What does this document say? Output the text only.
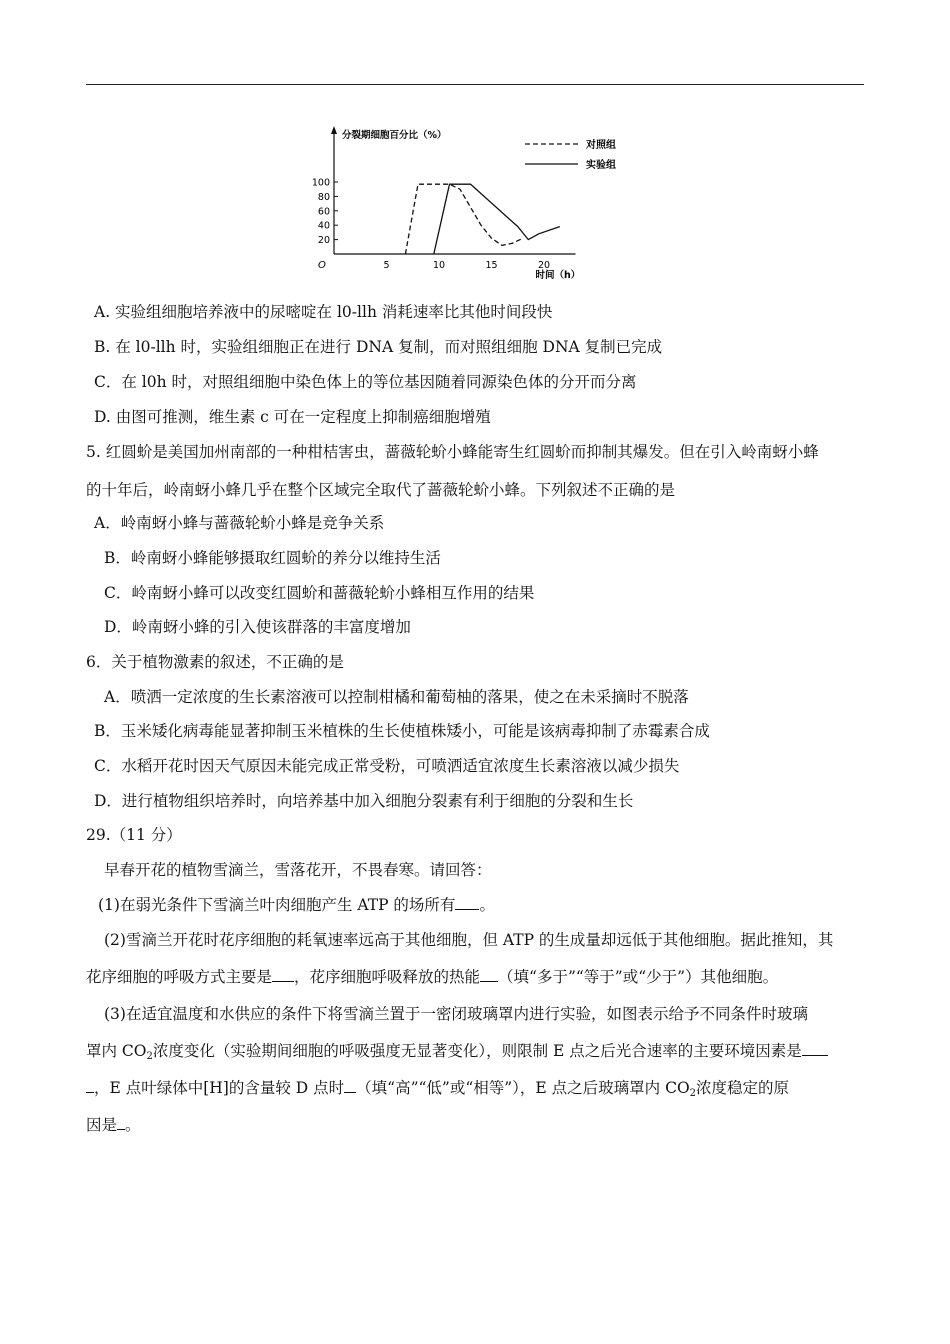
分裂期细胞百分比（%）
时间（h）
O
20
40
60
80
100
5	10	15	20
对照组
实验组
A. 实验组细胞培养液中的尿嘧啶在 l0-llh 消耗速率比其他时间段快
B. 在 l0-llh 时，实验组细胞正在进行 DNA 复制，而对照组细胞 DNA 复制已完成
C．在 l0h 时，对照组细胞中染色体上的等位基因随着同源染色体的分开而分离
D. 由图可推测，维生素 c 可在一定程度上抑制癌细胞增殖
5. 红圆蚧是美国加州南部的一种柑桔害虫，蔷薇轮蚧小蜂能寄生红圆蚧而抑制其爆发。但在引入岭南蚜小蜂
的十年后，岭南蚜小蜂几乎在整个区域完全取代了蔷薇轮蚧小蜂。下列叙述不正确的是
A．岭南蚜小蜂与蔷薇轮蚧小蜂是竞争关系
B．岭南蚜小蜂能够摄取红圆蚧的养分以维持生活
C．岭南蚜小蜂可以改变红圆蚧和蔷薇轮蚧小蜂相互作用的结果
D．岭南蚜小蜂的引入使该群落的丰富度增加
6．关于植物激素的叙述，不正确的是
A．喷洒一定浓度的生长素溶液可以控制柑橘和葡萄柚的落果，使之在未采摘时不脱落
B．玉米矮化病毒能显著抑制玉米植株的生长使植株矮小，可能是该病毒抑制了赤霉素合成
C．水稻开花时因天气原因未能完成正常受粉，可喷洒适宜浓度生长素溶液以减少损失
D．进行植物组织培养时，向培养基中加入细胞分裂素有利于细胞的分裂和生长
29.（11 分）
早春开花的植物雪滴兰，雪落花开，不畏春寒。请回答：
(1)在弱光条件下雪滴兰叶肉细胞产生 ATP 的场所有 。
(2)雪滴兰开花时花序细胞的耗氧速率远高于其他细胞，但 ATP 的生成量却远低于其他细胞。据此推知，其
花序细胞的呼吸方式主要是 ，花序细胞呼吸释放的热能 （填“多于”“等于”或“少于”）其他细胞。
(3)在适宜温度和水供应的条件下将雪滴兰置于一密闭玻璃罩内进行实验，如图表示给予不同条件时玻璃
罩内 $CO_2$浓度变化（实验期间细胞的呼吸强度无显著变化），则限制 E 点之后光合速率的主要环境因素是
，E 点叶绿体中[H]的含量较 D 点时 （填“高”“低”或“相等”），E 点之后玻璃罩内 $CO_2$浓度稳定的原
因是 。
